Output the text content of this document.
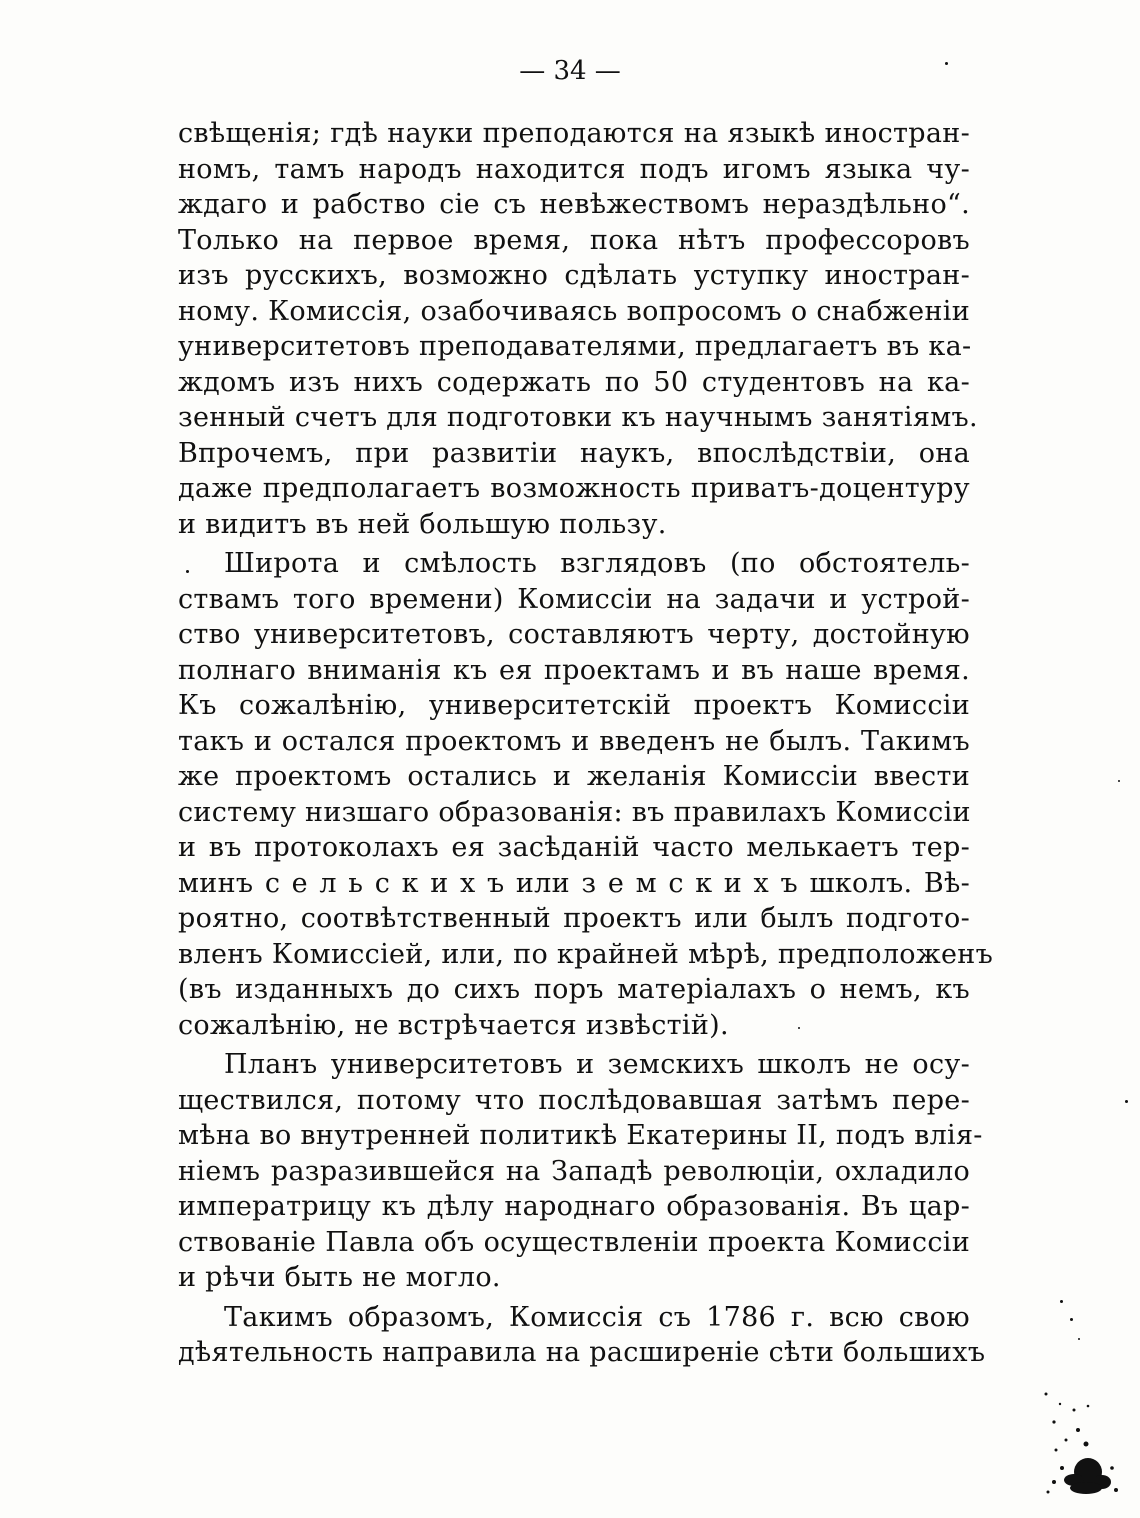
— 34 —
свѣщенія; гдѣ науки преподаются на языкѣ иностран-
номъ, тамъ народъ находится подъ игомъ языка чу-
ждаго и рабство сіе съ невѣжествомъ нераздѣльно“.
Только на первое время, пока нѣтъ профессоровъ
изъ русскихъ, возможно сдѣлать уступку иностран-
ному. Комиссія, озабочиваясь вопросомъ о снабженіи
университетовъ преподавателями, предлагаетъ въ ка-
ждомъ изъ нихъ содержать по 50 студентовъ на ка-
зенный счетъ для подготовки къ научнымъ занятіямъ.
Впрочемъ, при развитіи наукъ, впослѣдствіи, она
даже предполагаетъ возможность приватъ-доцентуру
и видитъ въ ней большую пользу.
Широта и смѣлость взглядовъ (по обстоятель-
ствамъ того времени) Комиссіи на задачи и устрой-
ство университетовъ, составляютъ черту, достойную
полнаго вниманія къ ея проектамъ и въ наше время.
Къ сожалѣнію, университетскій проектъ Комиссіи
такъ и остался проектомъ и введенъ не былъ. Такимъ
же проектомъ остались и желанія Комиссіи ввести
систему низшаго образованія: въ правилахъ Комиссіи
и въ протоколахъ ея засѣданій часто мелькаетъ тер-
минъ с е л ь с к и х ъ или з е м с к и х ъ школъ. Вѣ-
роятно, соотвѣтственный проектъ или былъ подгото-
вленъ Комиссіей, или, по крайней мѣрѣ, предположенъ
(въ изданныхъ до сихъ поръ матеріалахъ о немъ, къ
сожалѣнію, не встрѣчается извѣстій).
Планъ университетовъ и земскихъ школъ не осу-
ществился, потому что послѣдовавшая затѣмъ пере-
мѣна во внутренней политикѣ Екатерины II, подъ влія-
ніемъ разразившейся на Западѣ революціи, охладило
императрицу къ дѣлу народнаго образованія. Въ цар-
ствованіе Павла объ осуществленіи проекта Комиссіи
и рѣчи быть не могло.
Такимъ образомъ, Комиссія съ 1786 г. всю свою
дѣятельность направила на расширеніе сѣти большихъ
